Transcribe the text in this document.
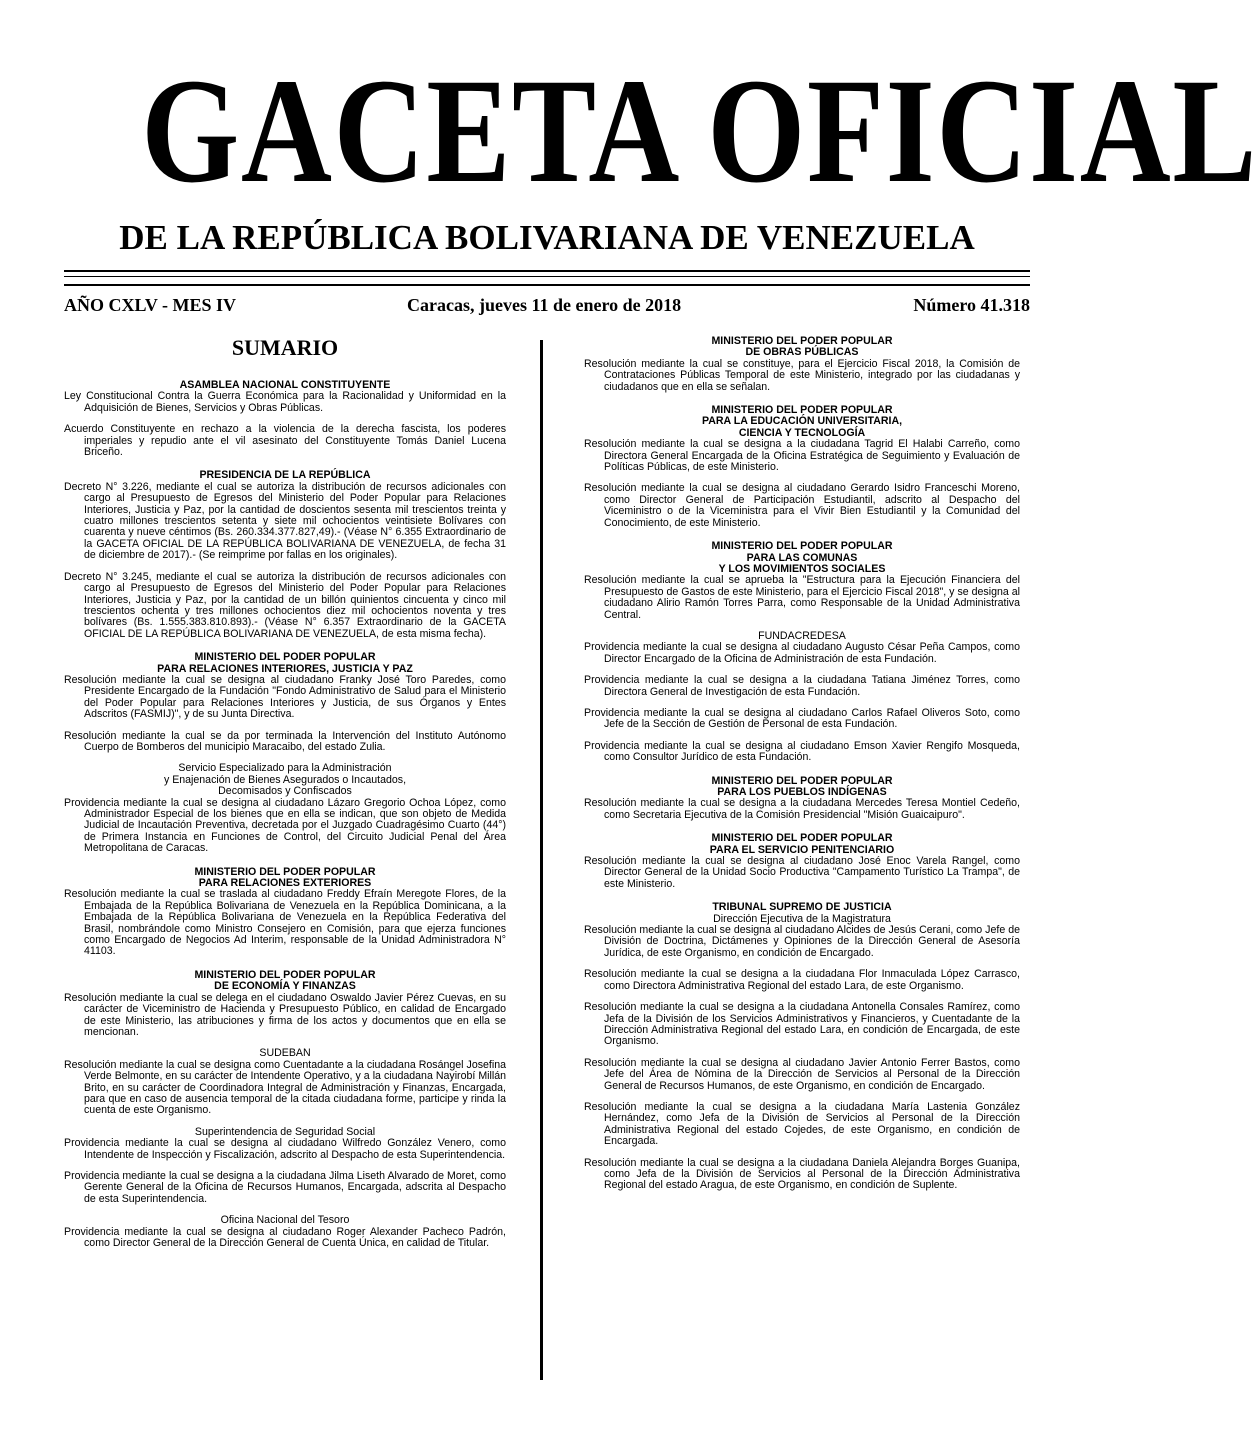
GACETA OFICIAL
DE LA REPÚBLICA BOLIVARIANA DE VENEZUELA
AÑO CXLV - MES IV	Caracas, jueves 11 de enero de 2018	Número 41.318
SUMARIO
ASAMBLEA NACIONAL CONSTITUYENTE

Ley Constitucional Contra la Guerra Económica para la Racionalidad y Uniformidad en la Adquisición de Bienes, Servicios y Obras Públicas.

Acuerdo Constituyente en rechazo a la violencia de la derecha fascista, los poderes imperiales y repudio ante el vil asesinato del Constituyente Tomás Daniel Lucena Briceño.

PRESIDENCIA DE LA REPÚBLICA

Decreto N° 3.226, mediante el cual se autoriza la distribución de recursos adicionales con cargo al Presupuesto de Egresos del Ministerio del Poder Popular para Relaciones Interiores, Justicia y Paz, por la cantidad de doscientos sesenta mil trescientos treinta y cuatro millones trescientos setenta y siete mil ochocientos veintisiete Bolívares con cuarenta y nueve céntimos (Bs. 260.334.377.827,49).- (Véase N° 6.355 Extraordinario de la GACETA OFICIAL DE LA REPÚBLICA BOLIVARIANA DE VENEZUELA, de fecha 31 de diciembre de 2017).- (Se reimprime por fallas en los originales).

Decreto N° 3.245, mediante el cual se autoriza la distribución de recursos adicionales con cargo al Presupuesto de Egresos del Ministerio del Poder Popular para Relaciones Interiores, Justicia y Paz, por la cantidad de un billón quinientos cincuenta y cinco mil trescientos ochenta y tres millones ochocientos diez mil ochocientos noventa y tres bolívares (Bs. 1.555.383.810.893).- (Véase N° 6.357 Extraordinario de la GACETA OFICIAL DE LA REPÚBLICA BOLIVARIANA DE VENEZUELA, de esta misma fecha).

MINISTERIO DEL PODER POPULAR
PARA RELACIONES INTERIORES, JUSTICIA Y PAZ

Resolución mediante la cual se designa al ciudadano Franky José Toro Paredes, como Presidente Encargado de la Fundación "Fondo Administrativo de Salud para el Ministerio del Poder Popular para Relaciones Interiores y Justicia, de sus Órganos y Entes Adscritos (FASMIJ)", y de su Junta Directiva.

Resolución mediante la cual se da por terminada la Intervención del Instituto Autónomo Cuerpo de Bomberos del municipio Maracaibo, del estado Zulia.

Servicio Especializado para la Administración
y Enajenación de Bienes Asegurados o Incautados,
Decomisados y Confiscados

Providencia mediante la cual se designa al ciudadano Lázaro Gregorio Ochoa López, como Administrador Especial de los bienes que en ella se indican, que son objeto de Medida Judicial de Incautación Preventiva, decretada por el Juzgado Cuadragésimo Cuarto (44°) de Primera Instancia en Funciones de Control, del Circuito Judicial Penal del Área Metropolitana de Caracas.

MINISTERIO DEL PODER POPULAR
PARA RELACIONES EXTERIORES

Resolución mediante la cual se traslada al ciudadano Freddy Efraín Meregote Flores, de la Embajada de la República Bolivariana de Venezuela en la República Dominicana, a la Embajada de la República Bolivariana de Venezuela en la República Federativa del Brasil, nombrándole como Ministro Consejero en Comisión, para que ejerza funciones como Encargado de Negocios Ad Interim, responsable de la Unidad Administradora N° 41103.

MINISTERIO DEL PODER POPULAR
DE ECONOMÍA Y FINANZAS

Resolución mediante la cual se delega en el ciudadano Oswaldo Javier Pérez Cuevas, en su carácter de Viceministro de Hacienda y Presupuesto Público, en calidad de Encargado de este Ministerio, las atribuciones y firma de los actos y documentos que en ella se mencionan.

SUDEBAN

Resolución mediante la cual se designa como Cuentadante a la ciudadana Rosángel Josefina Verde Belmonte, en su carácter de Intendente Operativo, y a la ciudadana Nayirobí Millán Brito, en su carácter de Coordinadora Integral de Administración y Finanzas, Encargada, para que en caso de ausencia temporal de la citada ciudadana forme, participe y rinda la cuenta de este Organismo.

Superintendencia de Seguridad Social

Providencia mediante la cual se designa al ciudadano Wilfredo González Venero, como Intendente de Inspección y Fiscalización, adscrito al Despacho de esta Superintendencia.

Providencia mediante la cual se designa a la ciudadana Jilma Liseth Alvarado de Moret, como Gerente General de la Oficina de Recursos Humanos, Encargada, adscrita al Despacho de esta Superintendencia.

Oficina Nacional del Tesoro

Providencia mediante la cual se designa al ciudadano Roger Alexander Pacheco Padrón, como Director General de la Dirección General de Cuenta Única, en calidad de Titular.

MINISTERIO DEL PODER POPULAR
DE OBRAS PÚBLICAS

Resolución mediante la cual se constituye, para el Ejercicio Fiscal 2018, la Comisión de Contrataciones Públicas Temporal de este Ministerio, integrado por las ciudadanas y ciudadanos que en ella se señalan.

MINISTERIO DEL PODER POPULAR
PARA LA EDUCACIÓN UNIVERSITARIA,
CIENCIA Y TECNOLOGÍA

Resolución mediante la cual se designa a la ciudadana Tagrid El Halabi Carreño, como Directora General Encargada de la Oficina Estratégica de Seguimiento y Evaluación de Políticas Públicas, de este Ministerio.

Resolución mediante la cual se designa al ciudadano Gerardo Isidro Franceschi Moreno, como Director General de Participación Estudiantil, adscrito al Despacho del Viceministro o de la Viceministra para el Vivir Bien Estudiantil y la Comunidad del Conocimiento, de este Ministerio.

MINISTERIO DEL PODER POPULAR
PARA LAS COMUNAS
Y LOS MOVIMIENTOS SOCIALES

Resolución mediante la cual se aprueba la "Estructura para la Ejecución Financiera del Presupuesto de Gastos de este Ministerio, para el Ejercicio Fiscal 2018", y se designa al ciudadano Alirio Ramón Torres Parra, como Responsable de la Unidad Administrativa Central.

FUNDACREDESA

Providencia mediante la cual se designa al ciudadano Augusto César Peña Campos, como Director Encargado de la Oficina de Administración de esta Fundación.

Providencia mediante la cual se designa a la ciudadana Tatiana Jiménez Torres, como Directora General de Investigación de esta Fundación.

Providencia mediante la cual se designa al ciudadano Carlos Rafael Oliveros Soto, como Jefe de la Sección de Gestión de Personal de esta Fundación.

Providencia mediante la cual se designa al ciudadano Emson Xavier Rengifo Mosqueda, como Consultor Jurídico de esta Fundación.

MINISTERIO DEL PODER POPULAR
PARA LOS PUEBLOS INDÍGENAS

Resolución mediante la cual se designa a la ciudadana Mercedes Teresa Montiel Cedeño, como Secretaria Ejecutiva de la Comisión Presidencial "Misión Guaicaipuro".

MINISTERIO DEL PODER POPULAR
PARA EL SERVICIO PENITENCIARIO

Resolución mediante la cual se designa al ciudadano José Enoc Varela Rangel, como Director General de la Unidad Socio Productiva "Campamento Turístico La Trampa", de este Ministerio.

TRIBUNAL SUPREMO DE JUSTICIA
Dirección Ejecutiva de la Magistratura

Resolución mediante la cual se designa al ciudadano Alcides de Jesús Cerani, como Jefe de División de Doctrina, Dictámenes y Opiniones de la Dirección General de Asesoría Jurídica, de este Organismo, en condición de Encargado.

Resolución mediante la cual se designa a la ciudadana Flor Inmaculada López Carrasco, como Directora Administrativa Regional del estado Lara, de este Organismo.

Resolución mediante la cual se designa a la ciudadana Antonella Consales Ramírez, como Jefa de la División de los Servicios Administrativos y Financieros, y Cuentadante de la Dirección Administrativa Regional del estado Lara, en condición de Encargada, de este Organismo.

Resolución mediante la cual se designa al ciudadano Javier Antonio Ferrer Bastos, como Jefe del Área de Nómina de la Dirección de Servicios al Personal de la Dirección General de Recursos Humanos, de este Organismo, en condición de Encargado.

Resolución mediante la cual se designa a la ciudadana María Lastenia González Hernández, como Jefa de la División de Servicios al Personal de la Dirección Administrativa Regional del estado Cojedes, de este Organismo, en condición de Encargada.

Resolución mediante la cual se designa a la ciudadana Daniela Alejandra Borges Guanipa, como Jefa de la División de Servicios al Personal de la Dirección Administrativa Regional del estado Aragua, de este Organismo, en condición de Suplente.
